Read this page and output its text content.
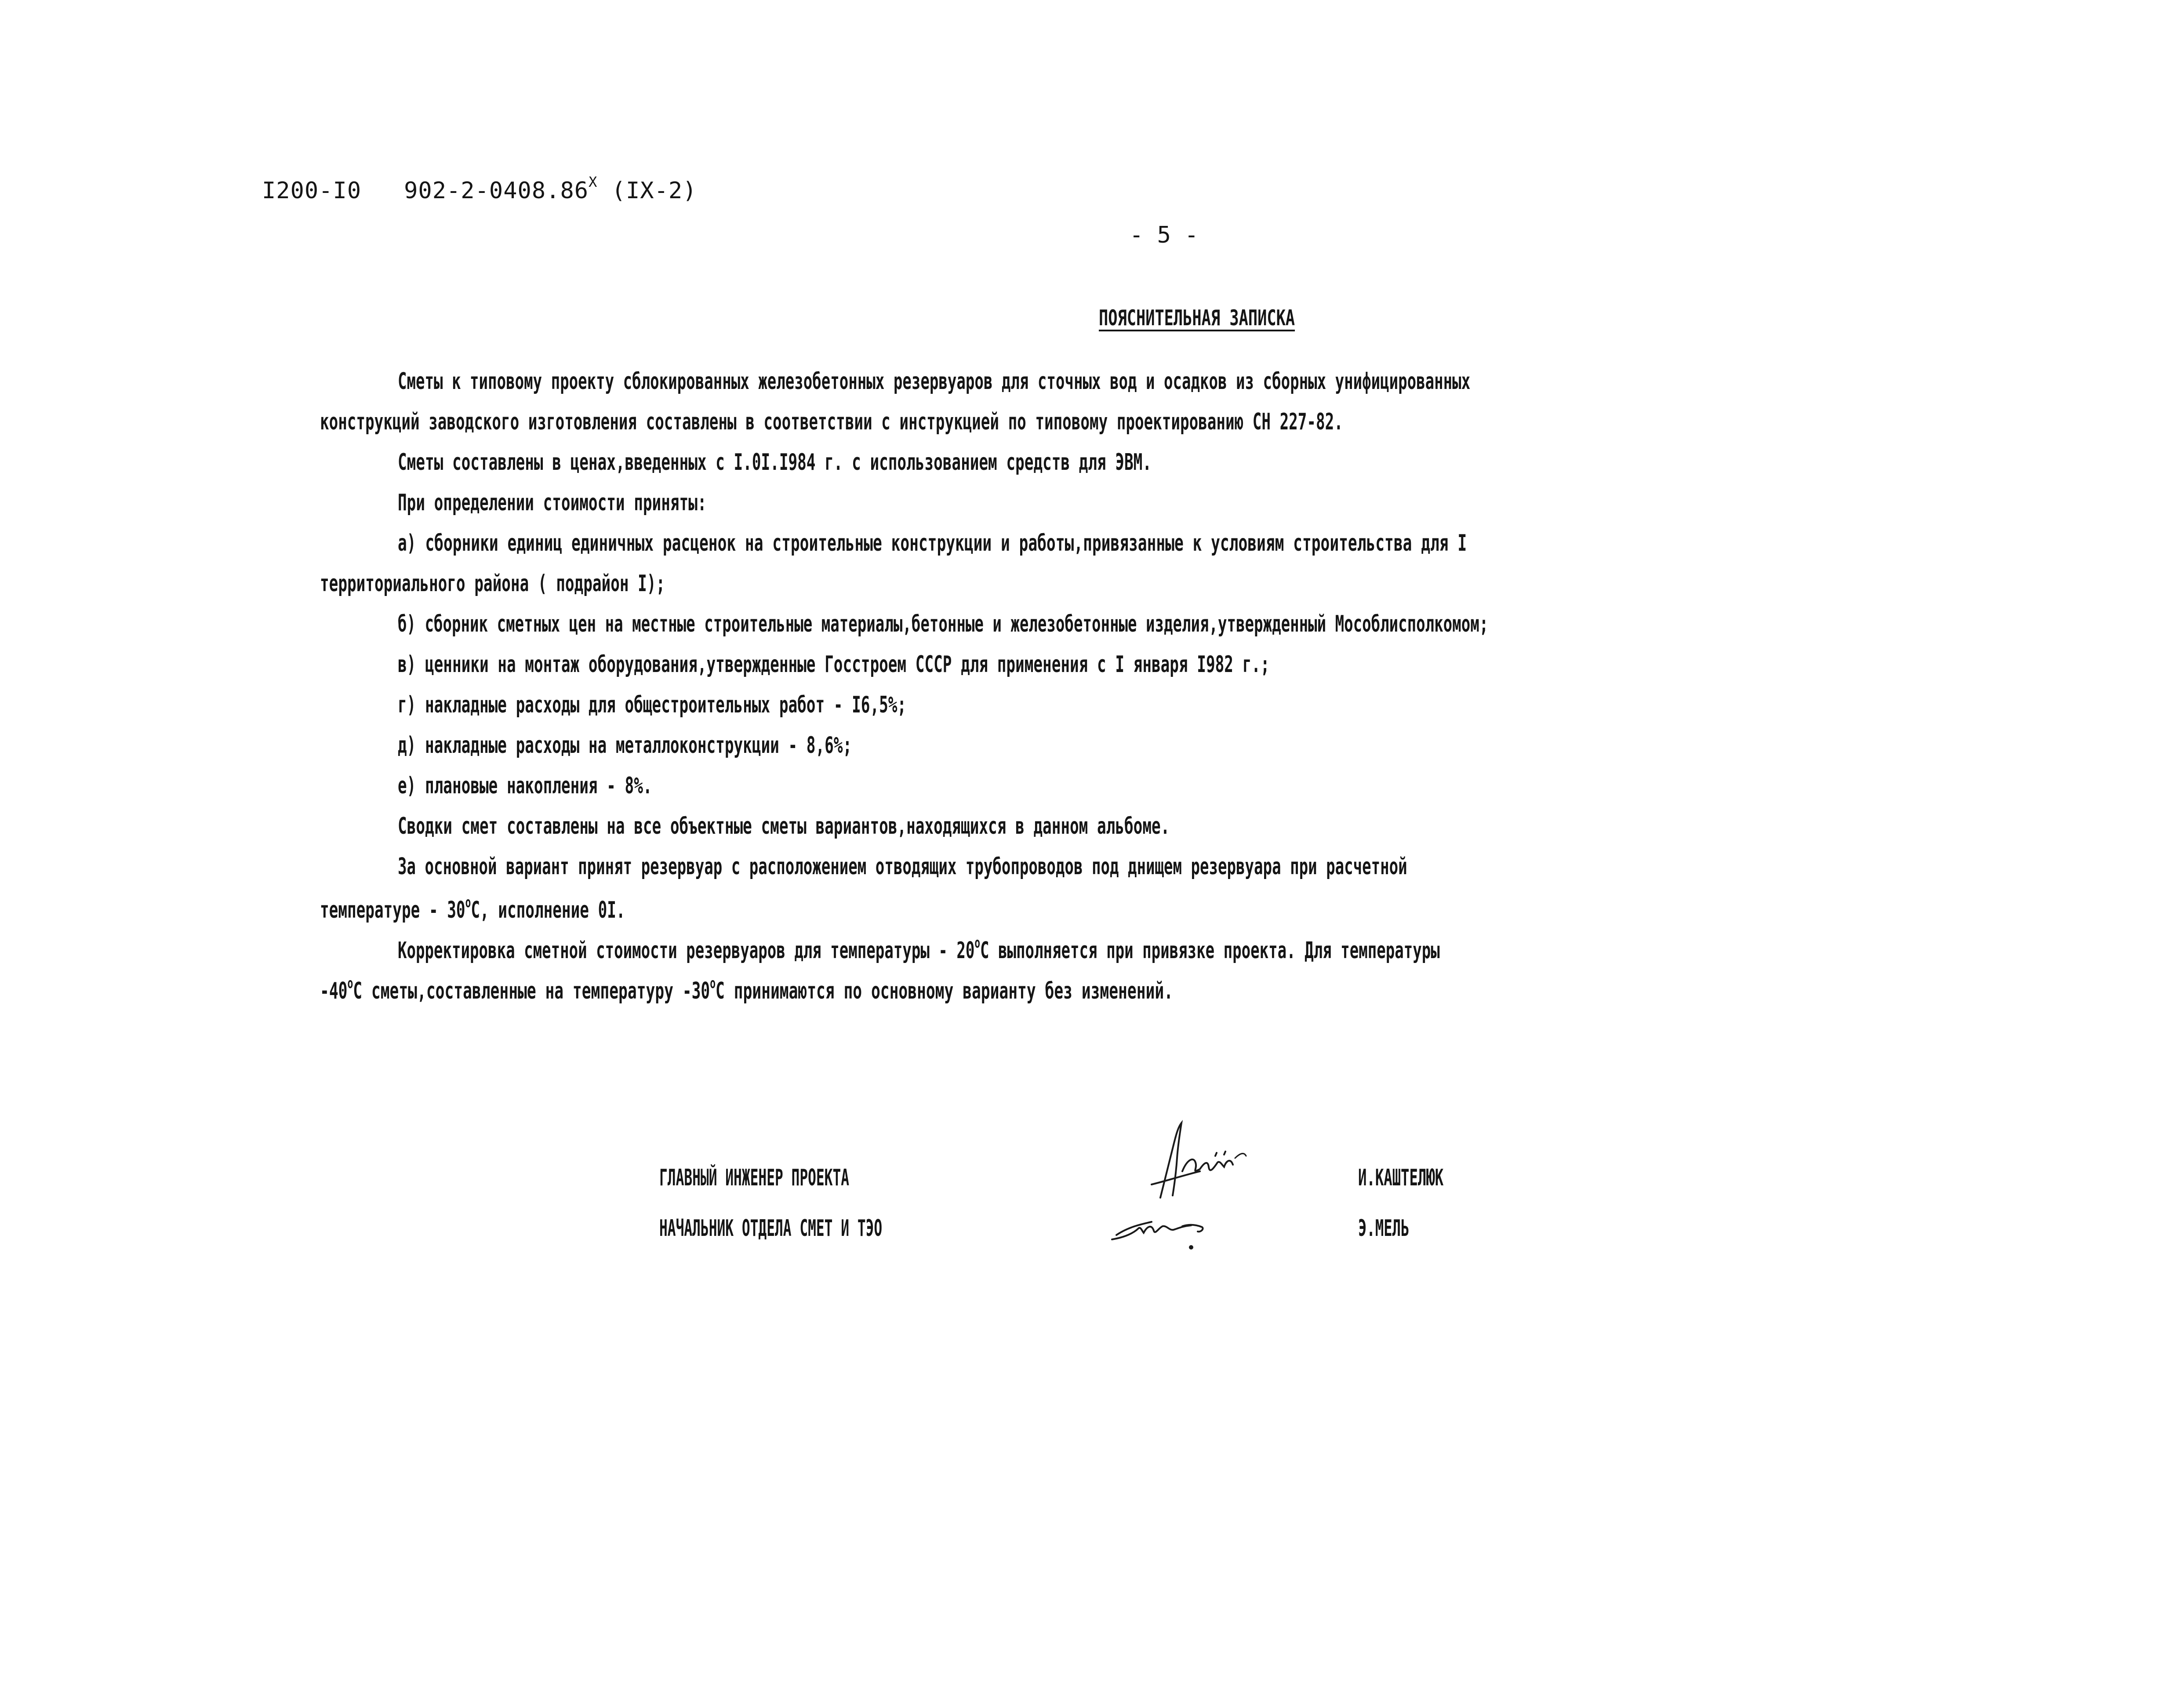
I200-I0 $902-2-0408.86^X$ (IX-2)
- 5 -
ПОЯСНИТЕЛЬНАЯ ЗАПИСКА
Сметы к типовому проекту сблокированных железобетонных резервуаров для сточных вод и осадков из сборных унифицированных
конструкций заводского изготовления составлены в соответствии с инструкцией по типовому проектированию СН 227-82.
Сметы составлены в ценах,введенных с I.0I.I984 г. с использованием средств для ЭВМ.
При определении стоимости приняты:
а) сборники единиц единичных расценок на строительные конструкции и работы,привязанные к условиям строительства для I
территориального района ( подрайон I);
б) сборник сметных цен на местные строительные материалы,бетонные и железобетонные изделия,утвержденный Мособлисполкомом;
в) ценники на монтаж оборудования,утвержденные Госстроем СССР для применения с I января I982 г.;
г) накладные расходы для общестроительных работ - I6,5%;
д) накладные расходы на металлоконструкции - 8,6%;
е) плановые накопления - 8%.
Сводки смет составлены на все объектные сметы вариантов,находящихся в данном альбоме.
За основной вариант принят резервуар с расположением отводящих трубопроводов под днищем резервуара при расчетной
температуре - 30$^o$С, исполнение 0I.
Корректировка сметной стоимости резервуаров для температуры - 20$^o$С выполняется при привязке проекта. Для температуры
-40$^o$С сметы,составленные на температуру -30$^o$С принимаются по основному варианту без изменений.
ГЛАВНЫЙ ИНЖЕНЕР ПРОЕКТА	И.КАШТЕЛЮК
НАЧАЛЬНИК ОТДЕЛА СМЕТ И ТЭО	Э.МЕЛЬ
